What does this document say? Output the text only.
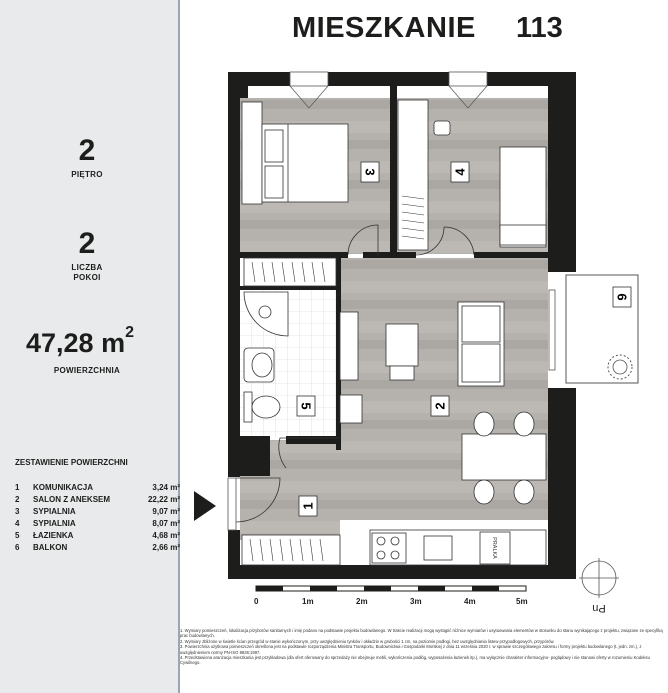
2
PIĘTRO
2
LICZBA
POKOI
47,28 $m^2$
POWIERZCHNIA
ZESTAWIENIE POWIERZCHNI
1	KOMUNIKACJA	3,24 m²
2	SALON Z ANEKSEM	22,22 m²
3	SYPIALNIA	9,07 m²
4	SYPIALNIA	8,07 m²
5	ŁAZIENKA	4,68 m²
6	BALKON	2,66 m²
MIESZKANIE 113
PRALKA
1
2
3	4
5
6
Pn
0	1m	2m	3m	4m	5m

1. Wymiary pomieszczeń, lokalizacja przyborów sanitarnych i imię podano na podstawie projektu budowlanego. W trakcie realizacji mogą wystąpić różnice wymiarów i usytuowania elementów w stosunku do stanu wynikającego z projektu, związane ze specyfiką prac budowlanych.

2. Wymiary zbliżone w świetle ścian przegród w stanie wykończonym, przy uwzględnieniu tynków i okładzin w grubości 1 cm, na poziomie podłogi, bez uwzględniania listew przypodłogowych, przypórów.

3. Powierzchnia użytkowa pomieszczeń określona jest na podstawie rozporządzenia Ministra Transportu, Budownictwa i Gospodarki Morskiej z dnia 11 września 2020 r. w sprawie szczegółowego zakresu i formy projektu budowlanego (t. jedn. zm.), z uwzględnieniem normy PN-ISO 9836:1997.

4. Przedstawiona aranżacja mieszkania jest przykładowa (dla ofert oferowany do sprzedaży nie obejmuje mebli, wykończenia podłóg, wyposażenia łazienek itp.), ma wyłącznie charakter informacyjno- poglądowy i nie stanowi oferty w rozumieniu Kodeksu Cywilnego.
